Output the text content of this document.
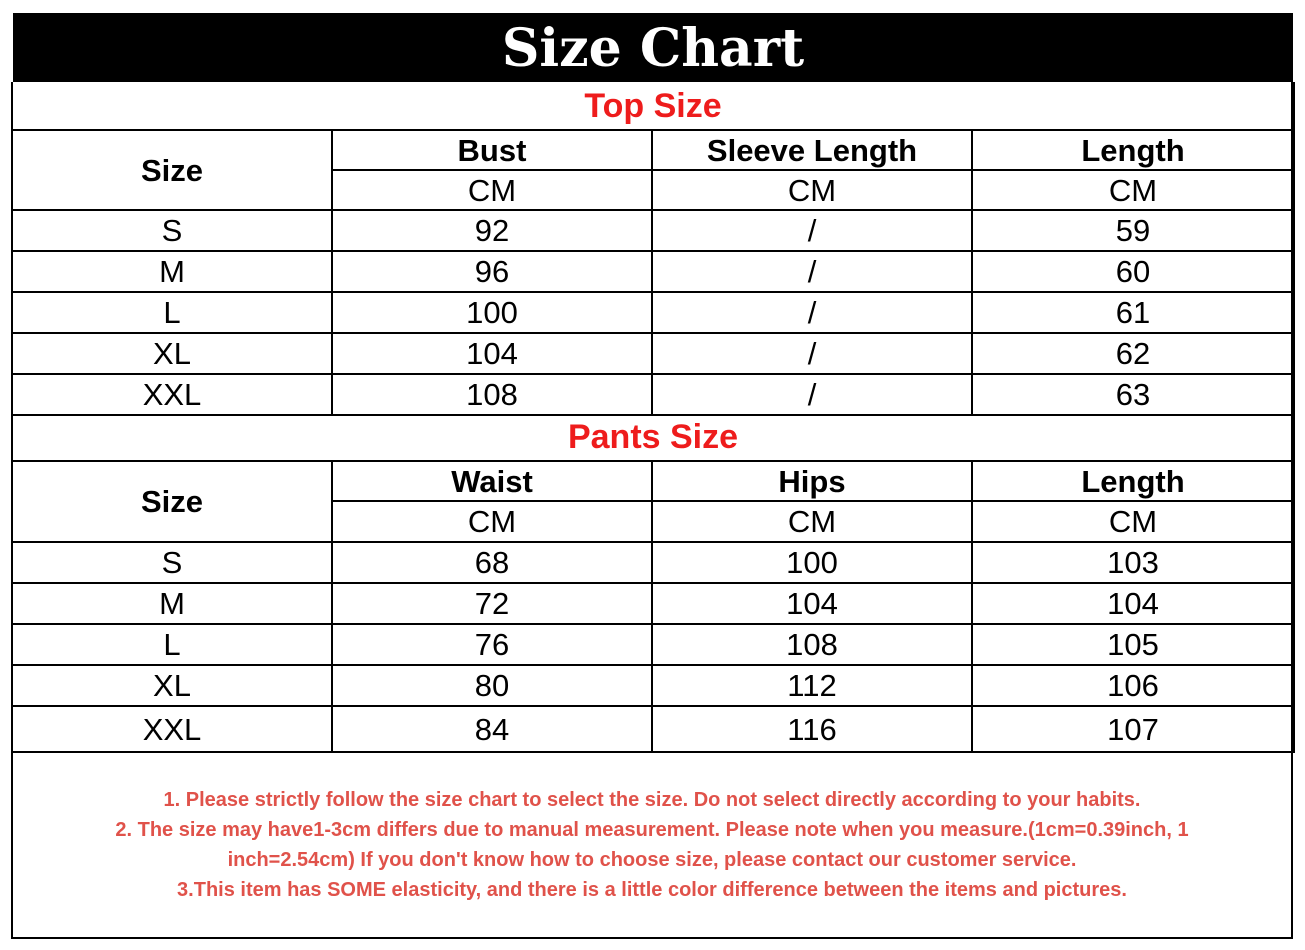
Size Chart
Top Size			
Size	Bust	Sleeve Length	Length
	CM	CM	CM
S	92	/	59
M	96	/	60
L	100	/	61
XL	104	/	62
XXL	108	/	63
Pants Size			
Size	Waist	Hips	Length
	CM	CM	CM
S	68	100	103
M	72	104	104
L	76	108	105
XL	80	112	106
XXL	84	116	107
1. Please strictly follow the size chart to select the size. Do not select directly according to your habits.
2. The size may have1-3cm differs due to manual measurement. Please note when you measure.(1cm=0.39inch, 1
inch=2.54cm) If you don't know how to choose size, please contact our customer service.
3.This item has SOME elasticity, and there is a little color difference between the items and pictures.
